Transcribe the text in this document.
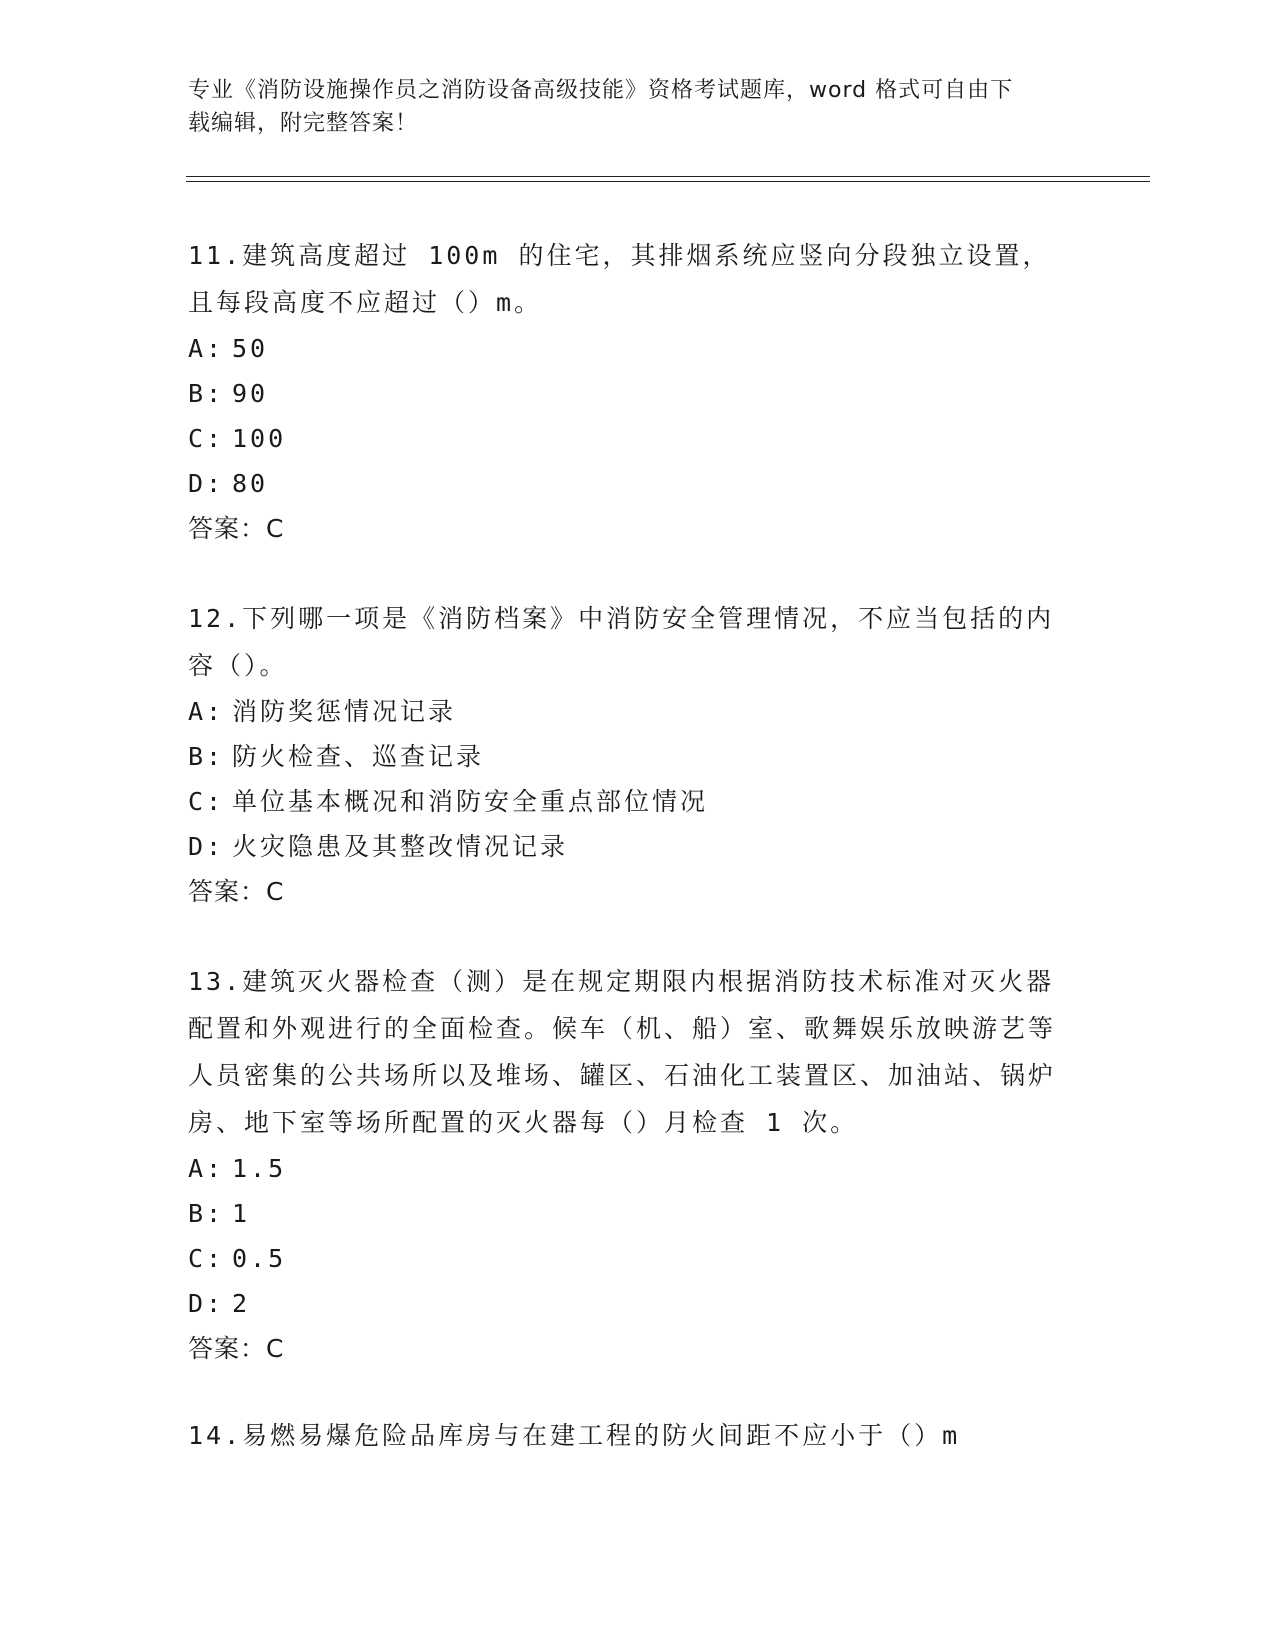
专业《消防设施操作员之消防设备高级技能》资格考试题库，word 格式可自由下
载编辑，附完整答案！

11.建筑高度超过 100m 的住宅，其排烟系统应竖向分段独立设置，且每段高度不应超过（）m。

A: 50

B: 90

C: 100

D: 80

答案：C

12.下列哪一项是《消防档案》中消防安全管理情况，不应当包括的内容（）。

A: 消防奖惩情况记录

B: 防火检查、巡查记录

C: 单位基本概况和消防安全重点部位情况

D: 火灾隐患及其整改情况记录

答案：C

13.建筑灭火器检查（测）是在规定期限内根据消防技术标准对灭火器配置和外观进行的全面检查。候车（机、船）室、歌舞娱乐放映游艺等人员密集的公共场所以及堆场、罐区、石油化工装置区、加油站、锅炉房、地下室等场所配置的灭火器每（）月检查 1 次。

A: 1.5

B: 1

C: 0.5

D: 2

答案：C

14.易燃易爆危险品库房与在建工程的防火间距不应小于（）m
